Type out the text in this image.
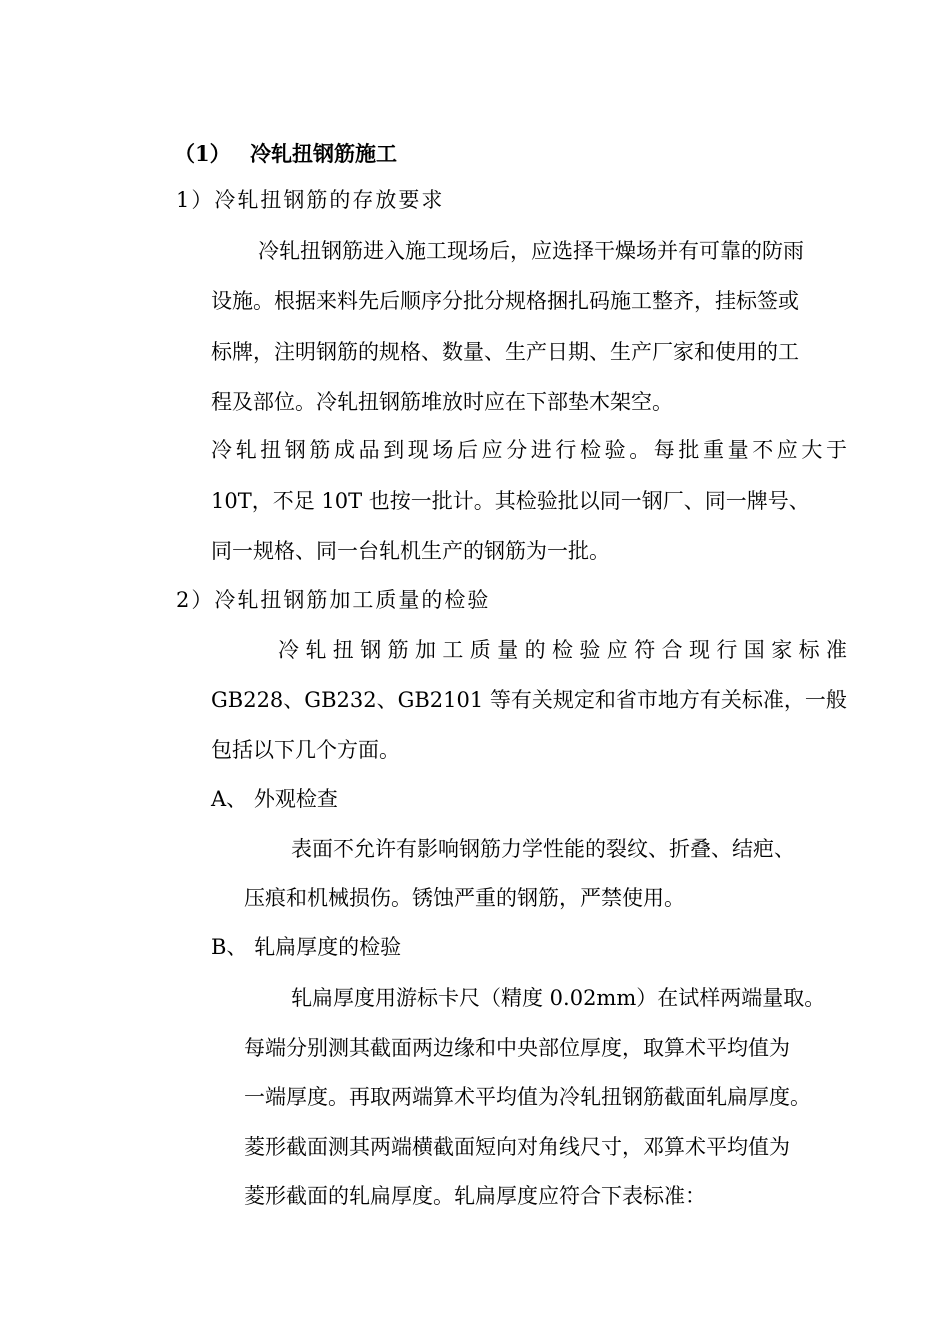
（1） 冷轧扭钢筋施工
1）冷轧扭钢筋的存放要求
冷轧扭钢筋进入施工现场后，应选择干燥场并有可靠的防雨
设施。根据来料先后顺序分批分规格捆扎码施工整齐，挂标签或
标牌，注明钢筋的规格、数量、生产日期、生产厂家和使用的工
程及部位。冷轧扭钢筋堆放时应在下部垫木架空。
冷轧扭钢筋成品到现场后应分进行检验。每批重量不应大于
10T，不足 10T 也按一批计。其检验批以同一钢厂、同一牌号、
同一规格、同一台轧机生产的钢筋为一批。
2）冷轧扭钢筋加工质量的检验
冷轧扭钢筋加工质量的检验应符合现行国家标准
GB228、GB232、GB2101 等有关规定和省市地方有关标准，一般
包括以下几个方面。
A、 外观检查
表面不允许有影响钢筋力学性能的裂纹、折叠、结疤、
压痕和机械损伤。锈蚀严重的钢筋，严禁使用。
B、 轧扁厚度的检验
轧扁厚度用游标卡尺（精度 0.02mm）在试样两端量取。
每端分别测其截面两边缘和中央部位厚度，取算术平均值为
一端厚度。再取两端算术平均值为冷轧扭钢筋截面轧扁厚度。
菱形截面测其两端横截面短向对角线尺寸，邓算术平均值为
菱形截面的轧扁厚度。轧扁厚度应符合下表标准：
